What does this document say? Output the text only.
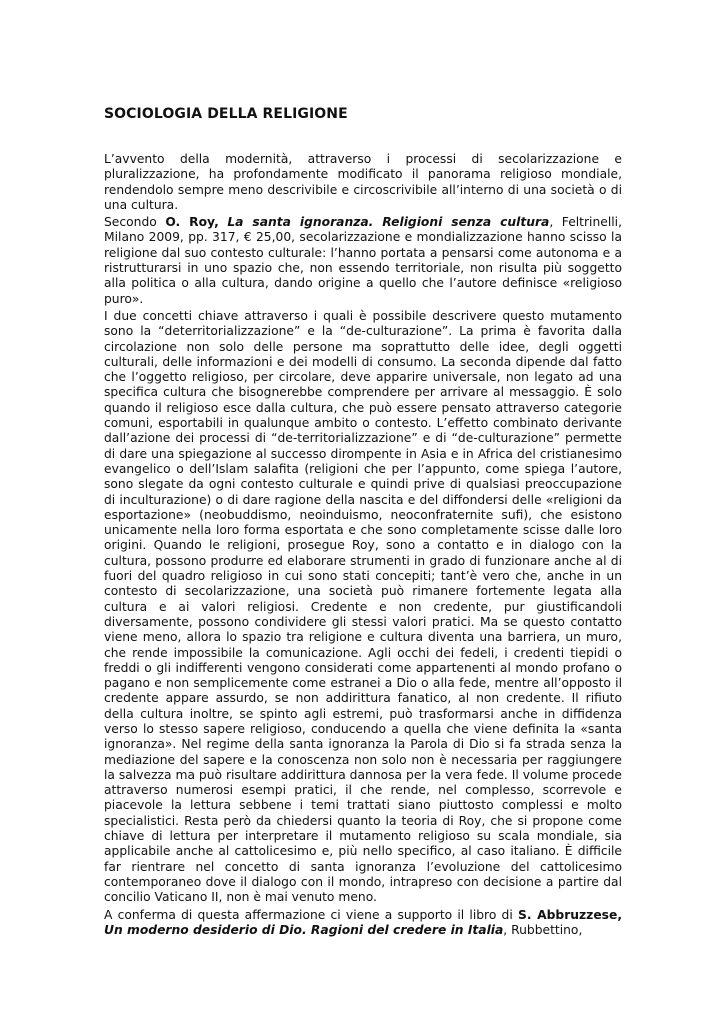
SOCIOLOGIA DELLA RELIGIONE

L’avvento della modernità, attraverso i processi di secolarizzazione e pluralizzazione, ha profondamente modificato il panorama religioso mondiale, rendendolo sempre meno descrivibile e circoscrivibile all’interno di una società o di una cultura.

Secondo O. Roy, La santa ignoranza. Religioni senza cultura, Feltrinelli, Milano 2009, pp. 317, € 25,00, secolarizzazione e mondializzazione hanno scisso la religione dal suo contesto culturale: l’hanno portata a pensarsi come autonoma e a ristrutturarsi in uno spazio che, non essendo territoriale, non risulta più soggetto alla politica o alla cultura, dando origine a quello che l’autore definisce «religioso puro».

I due concetti chiave attraverso i quali è possibile descrivere questo mutamento sono la “deterritorializzazione” e la “de-culturazione”. La prima è favorita dalla circolazione non solo delle persone ma soprattutto delle idee, degli oggetti culturali, delle informazioni e dei modelli di consumo. La seconda dipende dal fatto che l’oggetto religioso, per circolare, deve apparire universale, non legato ad una specifica cultura che bisognerebbe comprendere per arrivare al messaggio. È solo quando il religioso esce dalla cultura, che può essere pensato attraverso categorie comuni, esportabili in qualunque ambito o contesto. L’effetto combinato derivante dall’azione dei processi di “de-territorializzazione” e di “de-culturazione” permette di dare una spiegazione al successo dirompente in Asia e in Africa del cristianesimo evangelico o dell’Islam salafita (religioni che per l’appunto, come spiega l’autore, sono slegate da ogni contesto culturale e quindi prive di qualsiasi preoccupazione di inculturazione) o di dare ragione della nascita e del diffondersi delle «religioni da esportazione» (neobuddismo, neoinduismo, neoconfraternite sufi), che esistono unicamente nella loro forma esportata e che sono completamente scisse dalle loro origini. Quando le religioni, prosegue Roy, sono a contatto e in dialogo con la cultura, possono produrre ed elaborare strumenti in grado di funzionare anche al di fuori del quadro religioso in cui sono stati concepiti; tant’è vero che, anche in un contesto di secolarizzazione, una società può rimanere fortemente legata alla cultura e ai valori religiosi. Credente e non credente, pur giustificandoli diversamente, possono condividere gli stessi valori pratici. Ma se questo contatto viene meno, allora lo spazio tra religione e cultura diventa una barriera, un muro, che rende impossibile la comunicazione. Agli occhi dei fedeli, i credenti tiepidi o freddi o gli indifferenti vengono considerati come appartenenti al mondo profano o pagano e non semplicemente come estranei a Dio o alla fede, mentre all’opposto il credente appare assurdo, se non addirittura fanatico, al non credente. Il rifiuto della cultura inoltre, se spinto agli estremi, può trasformarsi anche in diffidenza verso lo stesso sapere religioso, conducendo a quella che viene definita la «santa ignoranza». Nel regime della santa ignoranza la Parola di Dio si fa strada senza la mediazione del sapere e la conoscenza non solo non è necessaria per raggiungere la salvezza ma può risultare addirittura dannosa per la vera fede. Il volume procede attraverso numerosi esempi pratici, il che rende, nel complesso, scorrevole e piacevole la lettura sebbene i temi trattati siano piuttosto complessi e molto specialistici. Resta però da chiedersi quanto la teoria di Roy, che si propone come chiave di lettura per interpretare il mutamento religioso su scala mondiale, sia applicabile anche al cattolicesimo e, più nello specifico, al caso italiano. È difficile far rientrare nel concetto di santa ignoranza l’evoluzione del cattolicesimo contemporaneo dove il dialogo con il mondo, intrapreso con decisione a partire dal concilio Vaticano II, non è mai venuto meno.

A conferma di questa affermazione ci viene a supporto il libro di S. Abbruzzese, Un moderno desiderio di Dio. Ragioni del credere in Italia, Rubbettino,
